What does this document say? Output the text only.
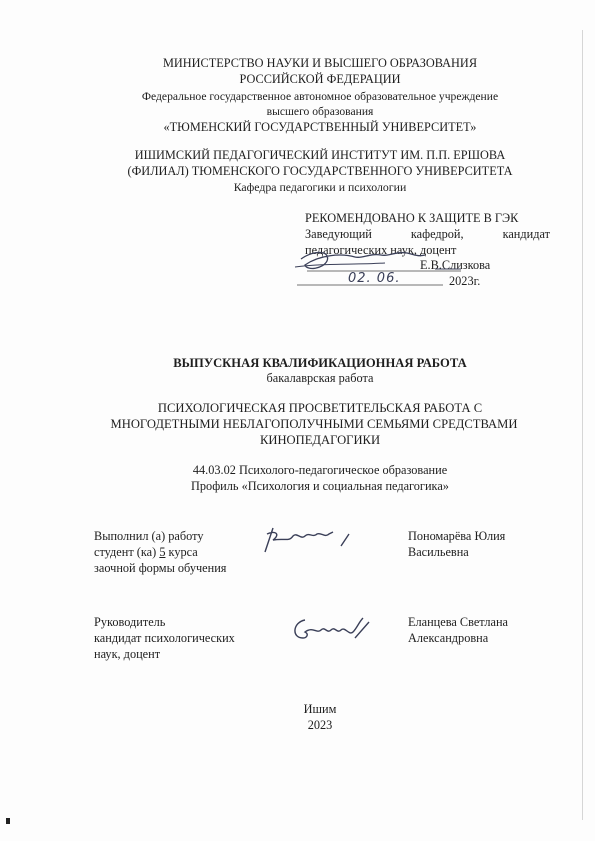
МИНИСТЕРСТВО НАУКИ И ВЫСШЕГО ОБРАЗОВАНИЯ
РОССИЙСКОЙ ФЕДЕРАЦИИ
Федеральное государственное автономное образовательное учреждение
высшего образования
«ТЮМЕНСКИЙ ГОСУДАРСТВЕННЫЙ УНИВЕРСИТЕТ»
ИШИМСКИЙ ПЕДАГОГИЧЕСКИЙ ИНСТИТУТ ИМ. П.П. ЕРШОВА
(ФИЛИАЛ) ТЮМЕНСКОГО ГОСУДАРСТВЕННОГО УНИВЕРСИТЕТА
Кафедра педагогики и психологии
РЕКОМЕНДОВАНО К ЗАЩИТЕ В ГЭК
Заведующий	кафедрой,	кандидат
педагогических наук, доцент
Е.В.Слизкова
2023г.
02. 06.
ВЫПУСКНАЯ КВАЛИФИКАЦИОННАЯ РАБОТА
бакалаврская работа
ПСИХОЛОГИЧЕСКАЯ ПРОСВЕТИТЕЛЬСКАЯ РАБОТА С
МНОГОДЕТНЫМИ НЕБЛАГОПОЛУЧНЫМИ СЕМЬЯМИ СРЕДСТВАМИ
КИНОПЕДАГОГИКИ
44.03.02 Психолого-педагогическое образование
Профиль «Психология и социальная педагогика»
Выполнил (а) работу
студент (ка) 5 курса
заочной формы обучения
Пономарёва Юлия
Васильевна
Руководитель
кандидат психологических
наук, доцент
Еланцева Светлана
Александровна
Ишим
2023
